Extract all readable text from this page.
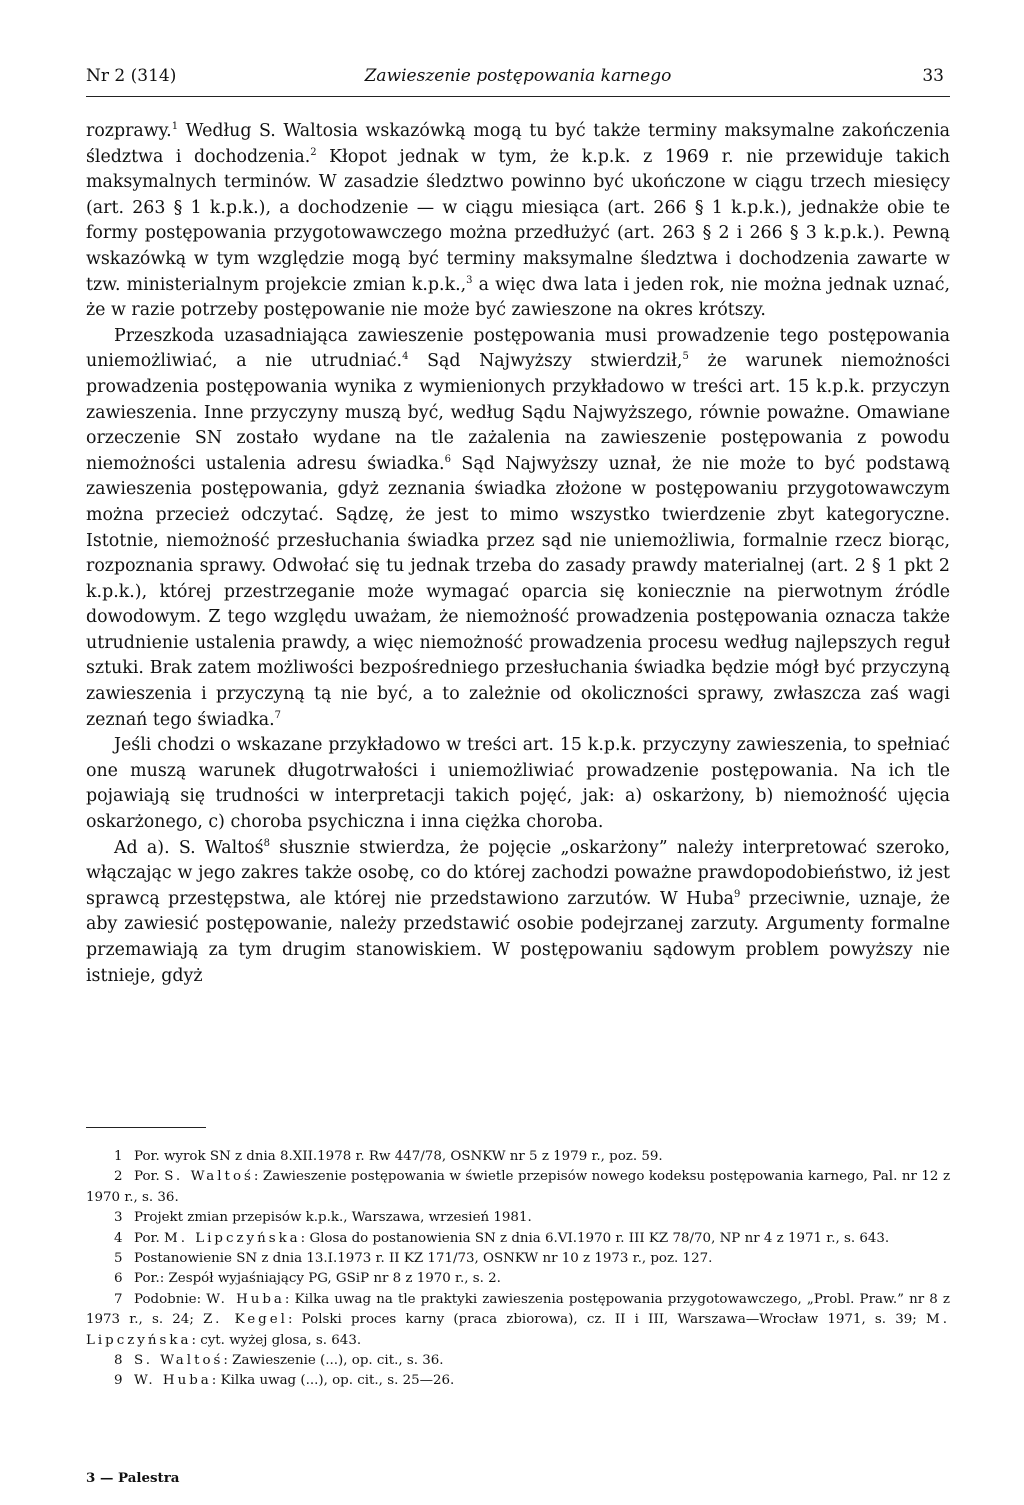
Nr 2 (314)	Zawieszenie postępowania karnego	33

rozprawy.$^1$ Według S. Waltosia wskazówką mogą tu być także terminy maksymalne zakończenia śledztwa i dochodzenia.$^2$ Kłopot jednak w tym, że k.p.k. z 1969 r. nie przewiduje takich maksymalnych terminów. W zasadzie śledztwo powinno być ukończone w ciągu trzech miesięcy (art. 263 § 1 k.p.k.), a dochodzenie — w ciągu miesiąca (art. 266 § 1 k.p.k.), jednakże obie te formy postępowania przygotowawczego można przedłużyć (art. 263 § 2 i 266 § 3 k.p.k.). Pewną wskazówką w tym względzie mogą być terminy maksymalne śledztwa i dochodzenia zawarte w tzw. ministerialnym projekcie zmian k.p.k.,$^3$ a więc dwa lata i jeden rok, nie można jednak uznać, że w razie potrzeby postępowanie nie może być zawieszone na okres krótszy.

Przeszkoda uzasadniająca zawieszenie postępowania musi prowadzenie tego postępowania uniemożliwiać, a nie utrudniać.$^4$ Sąd Najwyższy stwierdził,$^5$ że warunek niemożności prowadzenia postępowania wynika z wymienionych przykładowo w treści art. 15 k.p.k. przyczyn zawieszenia. Inne przyczyny muszą być, według Sądu Najwyższego, równie poważne. Omawiane orzeczenie SN zostało wydane na tle zażalenia na zawieszenie postępowania z powodu niemożności ustalenia adresu świadka.$^6$ Sąd Najwyższy uznał, że nie może to być podstawą zawieszenia postępowania, gdyż zeznania świadka złożone w postępowaniu przygotowawczym można przecież odczytać. Sądzę, że jest to mimo wszystko twierdzenie zbyt kategoryczne. Istotnie, niemożność przesłuchania świadka przez sąd nie uniemożliwia, formalnie rzecz biorąc, rozpoznania sprawy. Odwołać się tu jednak trzeba do zasady prawdy materialnej (art. 2 § 1 pkt 2 k.p.k.), której przestrzeganie może wymagać oparcia się koniecznie na pierwotnym źródle dowodowym. Z tego względu uważam, że niemożność prowadzenia postępowania oznacza także utrudnienie ustalenia prawdy, a więc niemożność prowadzenia procesu według najlepszych reguł sztuki. Brak zatem możliwości bezpośredniego przesłuchania świadka będzie mógł być przyczyną zawieszenia i przyczyną tą nie być, a to zależnie od okoliczności sprawy, zwłaszcza zaś wagi zeznań tego świadka.$^7$

Jeśli chodzi o wskazane przykładowo w treści art. 15 k.p.k. przyczyny zawieszenia, to spełniać one muszą warunek długotrwałości i uniemożliwiać prowadzenie postępowania. Na ich tle pojawiają się trudności w interpretacji takich pojęć, jak: a) oskarżony, b) niemożność ujęcia oskarżonego, c) choroba psychiczna i inna ciężka choroba.

Ad a). S. Waltoś$^8$ słusznie stwierdza, że pojęcie „oskarżony” należy interpretować szeroko, włączając w jego zakres także osobę, co do której zachodzi poważne prawdopodobieństwo, iż jest sprawcą przestępstwa, ale której nie przedstawiono zarzutów. W Huba$^9$ przeciwnie, uznaje, że aby zawiesić postępowanie, należy przedstawić osobie podejrzanej zarzuty. Argumenty formalne przemawiają za tym drugim stanowiskiem. W postępowaniu sądowym problem powyższy nie istnieje, gdyż

1 Por. wyrok SN z dnia 8.XII.1978 r. Rw 447/78, OSNKW nr 5 z 1979 r., poz. 59.

2 Por. S. Waltoś: Zawieszenie postępowania w świetle przepisów nowego kodeksu postępowania karnego, Pal. nr 12 z 1970 r., s. 36.

3 Projekt zmian przepisów k.p.k., Warszawa, wrzesień 1981.

4 Por. M. Lipczyńska: Glosa do postanowienia SN z dnia 6.VI.1970 r. III KZ 78/70, NP nr 4 z 1971 r., s. 643.

5 Postanowienie SN z dnia 13.I.1973 r. II KZ 171/73, OSNKW nr 10 z 1973 r., poz. 127.

6 Por.: Zespół wyjaśniający PG, GSiP nr 8 z 1970 r., s. 2.

7 Podobnie: W. Huba: Kilka uwag na tle praktyki zawieszenia postępowania przygotowawczego, „Probl. Praw.” nr 8 z 1973 r., s. 24; Z. Kegel: Polski proces karny (praca zbiorowa), cz. II i III, Warszawa—Wrocław 1971, s. 39; M. Lipczyńska: cyt. wyżej glosa, s. 643.

8 S. Waltoś: Zawieszenie (...), op. cit., s. 36.

9 W. Huba: Kilka uwag (...), op. cit., s. 25—26.

3 — Palestra
